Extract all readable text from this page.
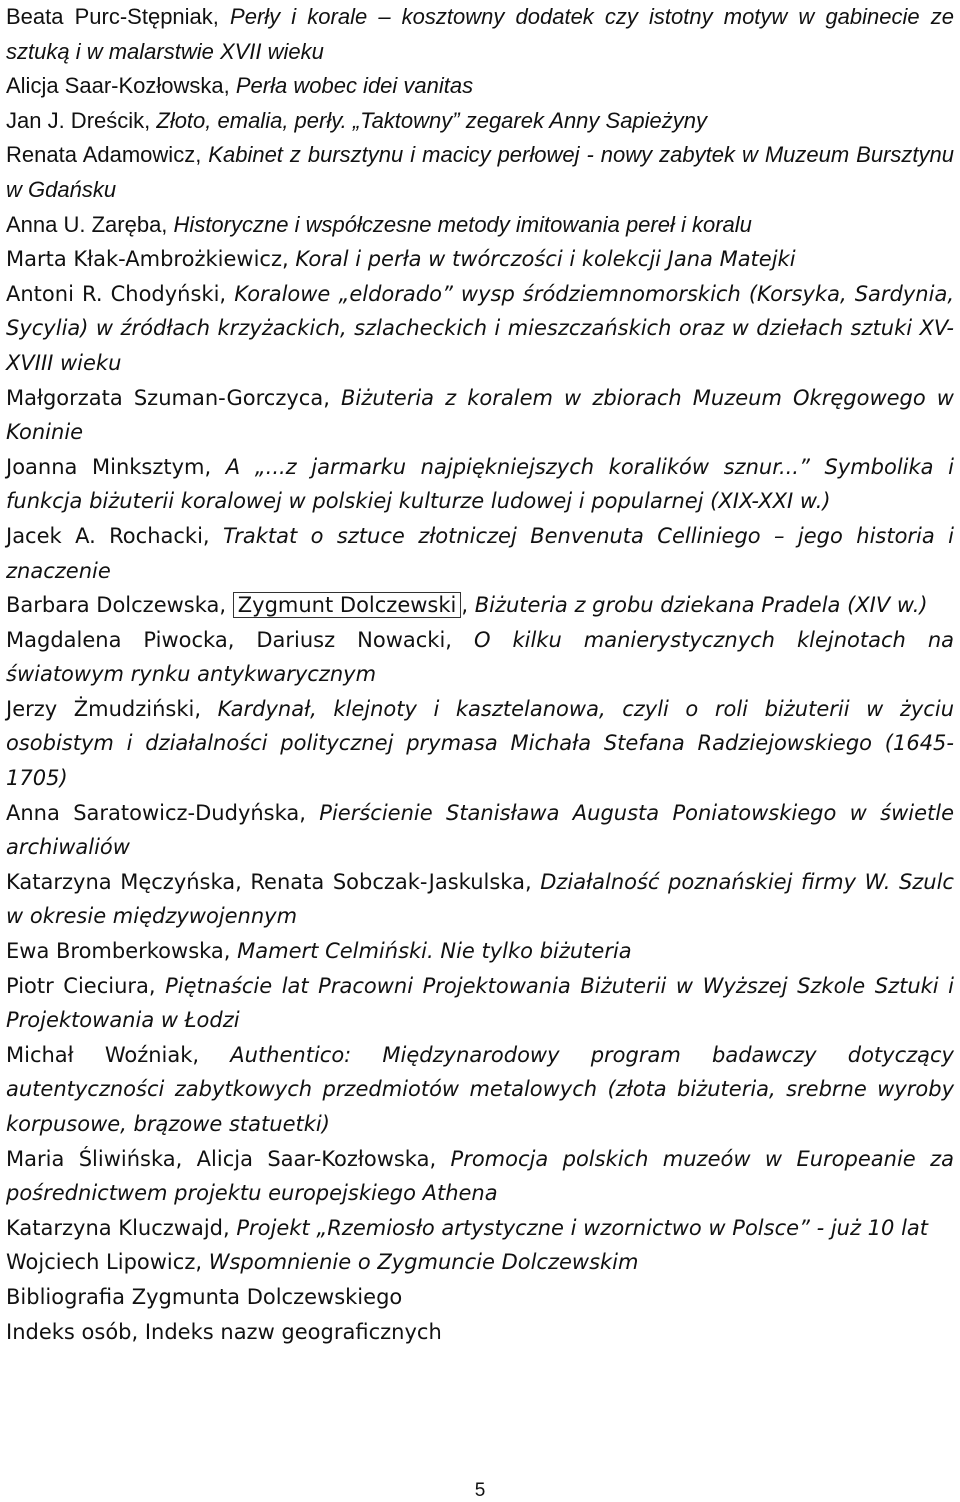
Beata Purc-Stępniak, Perły i korale – kosztowny dodatek czy istotny motyw w gabinecie ze sztuką i w malarstwie XVII wieku
Alicja Saar-Kozłowska, Perła wobec idei vanitas
Jan J. Dreścik, Złoto, emalia, perły. „Taktowny” zegarek Anny Sapieżyny
Renata Adamowicz, Kabinet z bursztynu i macicy perłowej - nowy zabytek w Muzeum Bursztynu w Gdańsku
Anna U. Zaręba, Historyczne i współczesne metody imitowania pereł i koralu
Marta Kłak-Ambrożkiewicz, Koral i perła w twórczości i kolekcji Jana Matejki
Antoni R. Chodyński, Koralowe „eldorado” wysp śródziemnomorskich (Korsyka, Sardynia, Sycylia) w źródłach krzyżackich, szlacheckich i mieszczańskich oraz w dziełach sztuki XV-XVIII wieku
Małgorzata Szuman-Gorczyca, Biżuteria z koralem w zbiorach Muzeum Okręgowego w Koninie
Joanna Minksztym, A „...z jarmarku najpiękniejszych koralików sznur...” Symbolika i funkcja biżuterii koralowej w polskiej kulturze ludowej i popularnej (XIX-XXI w.)
Jacek A. Rochacki, Traktat o sztuce złotniczej Benvenuta Celliniego – jego historia i znaczenie
Barbara Dolczewska, Zygmunt Dolczewski , Biżuteria z grobu dziekana Pradela (XIV w.)
Magdalena Piwocka, Dariusz Nowacki, O kilku manierystycznych klejnotach na światowym rynku antykwarycznym
Jerzy Żmudziński, Kardynał, klejnoty i kasztelanowa, czyli o roli biżuterii w życiu osobistym i działalności politycznej prymasa Michała Stefana Radziejowskiego (1645-1705)
Anna Saratowicz-Dudyńska, Pierścienie Stanisława Augusta Poniatowskiego w świetle archiwaliów
Katarzyna Męczyńska, Renata Sobczak-Jaskulska, Działalność poznańskiej firmy W. Szulc w okresie międzywojennym
Ewa Bromberkowska, Mamert Celmiński. Nie tylko biżuteria
Piotr Cieciura, Piętnaście lat Pracowni Projektowania Biżuterii w Wyższej Szkole Sztuki i Projektowania w Łodzi
Michał Woźniak, Authentico: Międzynarodowy program badawczy dotyczący autentyczności zabytkowych przedmiotów metalowych (złota biżuteria, srebrne wyroby korpusowe, brązowe statuetki)
Maria Śliwińska, Alicja Saar-Kozłowska, Promocja polskich muzeów w Europeanie za pośrednictwem projektu europejskiego Athena
Katarzyna Kluczwajd, Projekt „Rzemiosło artystyczne i wzornictwo w Polsce” - już 10 lat
Wojciech Lipowicz, Wspomnienie o Zygmuncie Dolczewskim
Bibliografia Zygmunta Dolczewskiego
Indeks osób, Indeks nazw geograficznych
5
